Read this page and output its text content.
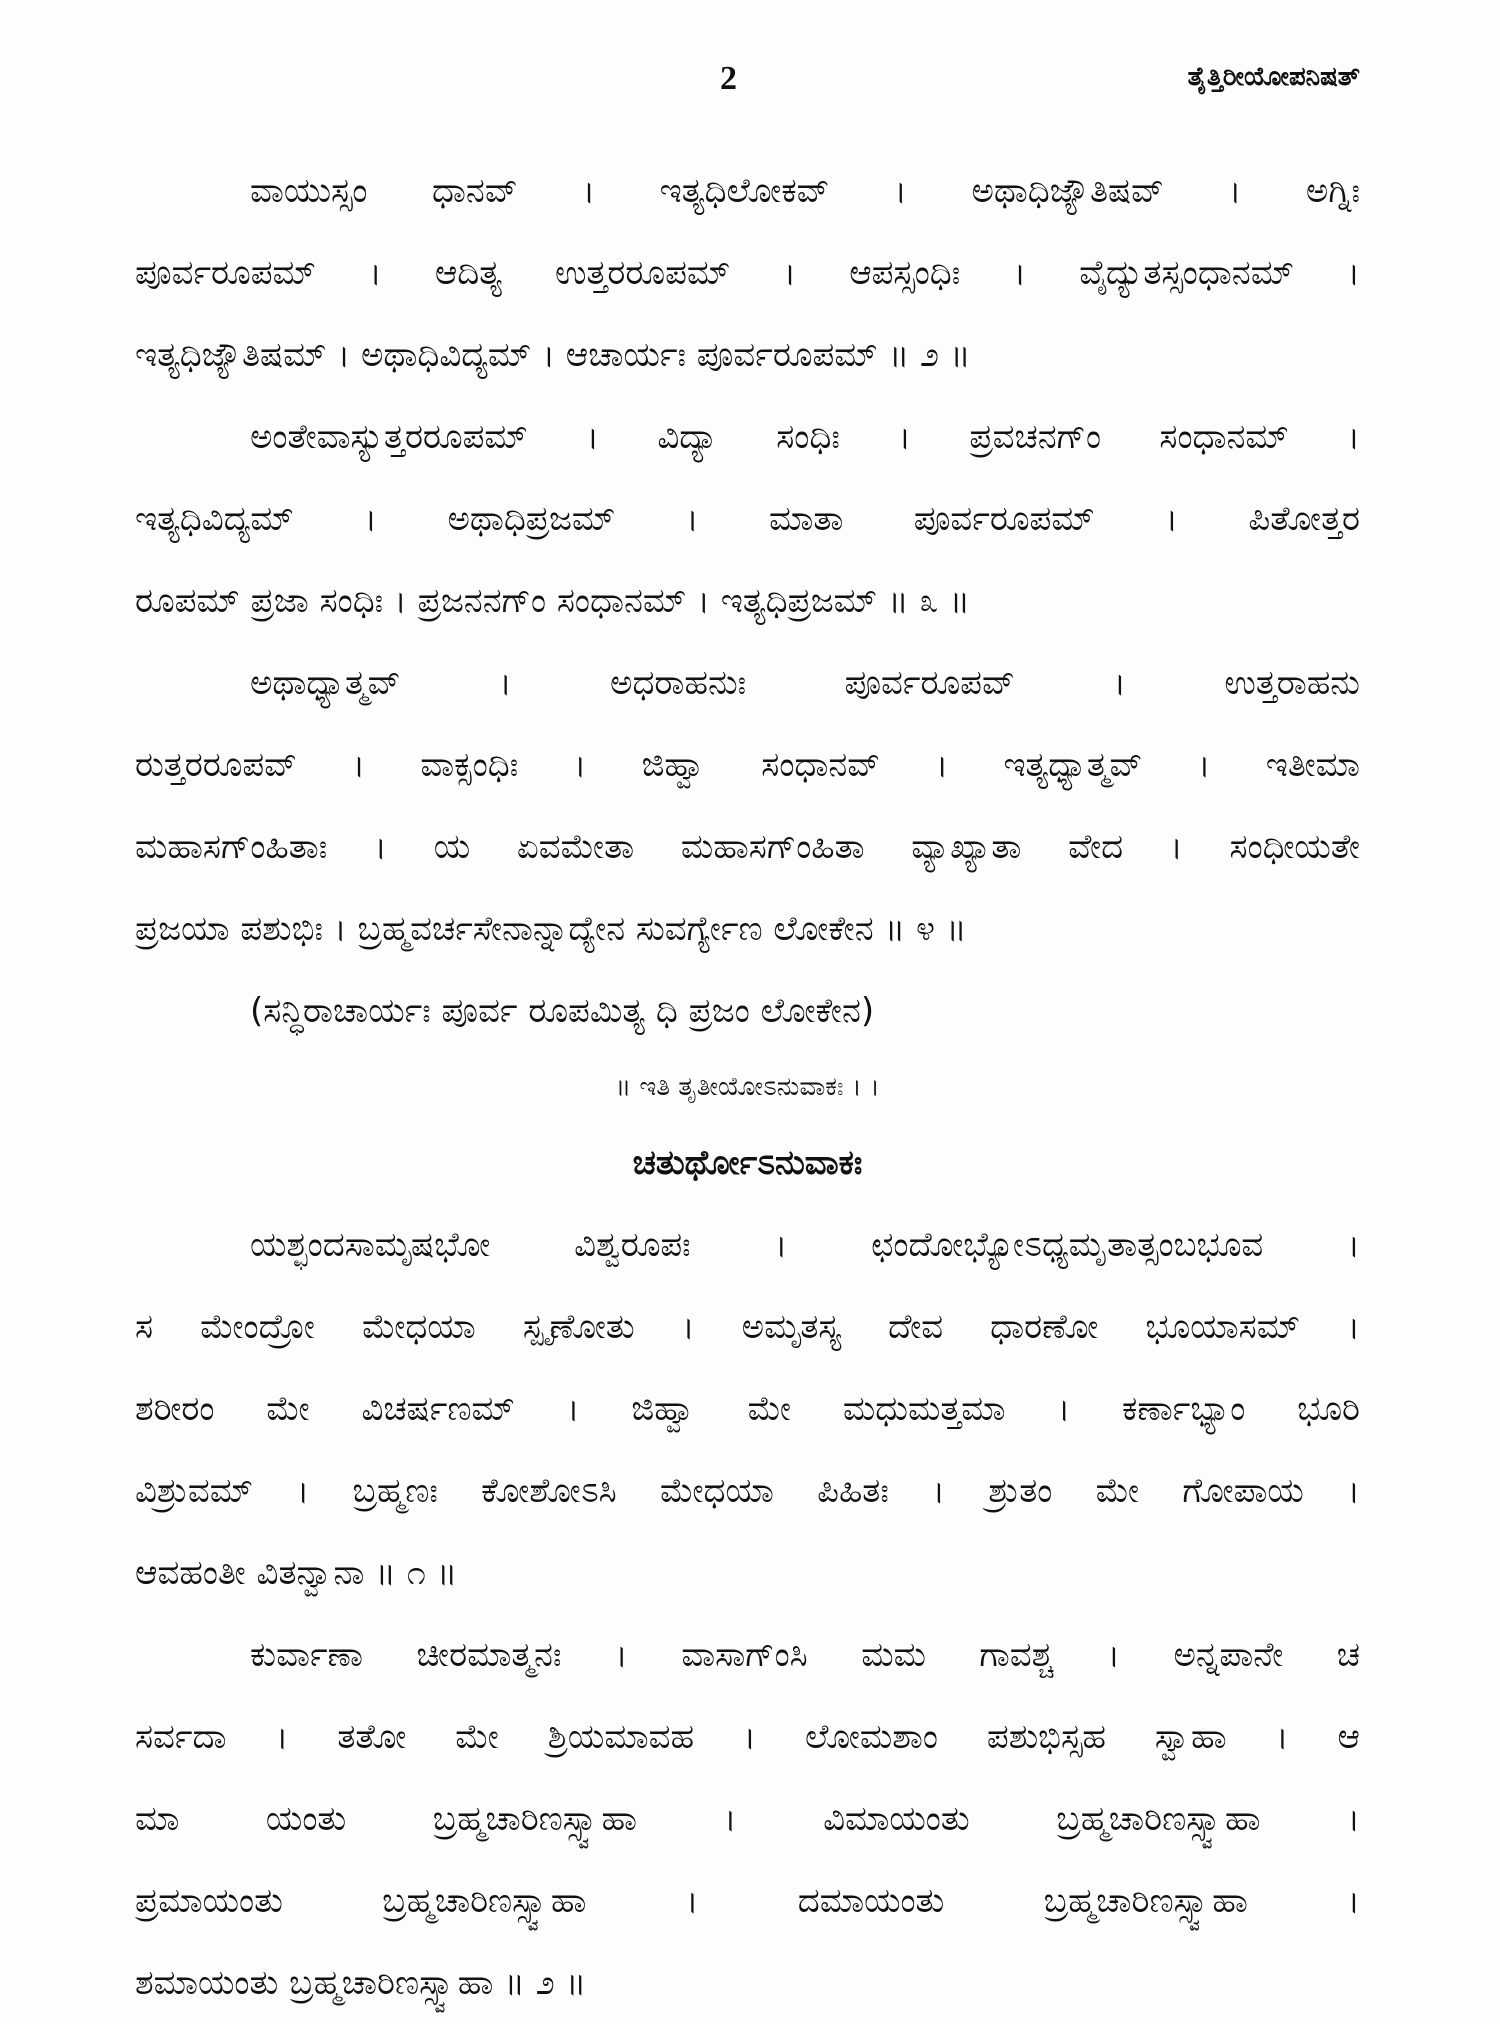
2	ತೈತ್ತಿರೀಯೋಪನಿಷತ್
ವಾಯುಸ್ಸಂ ಧಾನವ್ । ಇತ್ಯಧಿಲೋಕವ್ । ಅಥಾಧಿಜ್ಯೌತಿಷವ್ । ಅಗ್ನಿಃ
ಪೂರ್ವರೂಪಮ್ । ಆದಿತ್ಯ ಉತ್ತರರೂಪಮ್ । ಆಪಸ್ಸಂಧಿಃ । ವೈದ್ಯುತಸ್ಸಂಧಾನಮ್ ।
ಇತ್ಯಧಿಜ್ಯೌತಿಷಮ್ । ಅಥಾಧಿವಿದ್ಯಮ್ । ಆಚಾರ್ಯಃ ಪೂರ್ವರೂಪಮ್ ॥ ೨ ॥
ಅಂತೇವಾಸ್ಯುತ್ತರರೂಪಮ್ । ವಿದ್ಯಾ ಸಂಧಿಃ । ಪ್ರವಚನಗ್‌ಂ ಸಂಧಾನಮ್ ।
ಇತ್ಯಧಿವಿದ್ಯಮ್ । ಅಥಾಧಿಪ್ರಜಮ್ । ಮಾತಾ ಪೂರ್ವರೂಪಮ್ । ಪಿತೋತ್ತರ
ರೂಪಮ್ ಪ್ರಜಾ ಸಂಧಿಃ । ಪ್ರಜನನಗ್‌ಂ ಸಂಧಾನಮ್ । ಇತ್ಯಧಿಪ್ರಜಮ್ ॥ ೩ ॥
ಅಥಾಧ್ಯಾತ್ಮವ್ । ಅಧರಾಹನುಃ ಪೂರ್ವರೂಪವ್ । ಉತ್ತರಾಹನು
ರುತ್ತರರೂಪವ್ । ವಾಕ್ಸಂಧಿಃ । ಜಿಹ್ವಾ ಸಂಧಾನವ್ । ಇತ್ಯಧ್ಯಾತ್ಮವ್ । ಇತೀಮಾ
ಮಹಾಸಗ್‌ಂಹಿತಾಃ । ಯ ಏವಮೇತಾ ಮಹಾಸಗ್‌ಂಹಿತಾ ವ್ಯಾಖ್ಯಾತಾ ವೇದ । ಸಂಧೀಯತೇ
ಪ್ರಜಯಾ ಪಶುಭಿಃ । ಬ್ರಹ್ಮವರ್ಚಸೇನಾನ್ನಾದ್ಯೇನ ಸುವರ್ಗ್ಯೇಣ ಲೋಕೇನ ॥ ೪ ॥
(ಸನ್ಧಿರಾಚಾರ್ಯಃ ಪೂರ್ವ ರೂಪಮಿತ್ಯ ಧಿ ಪ್ರಜಂ ಲೋಕೇನ)
॥ ಇತಿ ತೃತೀಯೋಽನುವಾಕಃ । ।
ಚತುರ್ಥೋಽನುವಾಕಃ
ಯಶ್ಛಂದಸಾಮೃಷಭೋ ವಿಶ್ವರೂಪಃ । ಛಂದೋಭ್ಯೋಽಧ್ಯಮೃತಾತ್ಸಂಬಭೂವ ।
ಸ ಮೇಂದ್ರೋ ಮೇಧಯಾ ಸ್ಪೃಣೋತು । ಅಮೃತಸ್ಯ ದೇವ ಧಾರಣೋ ಭೂಯಾಸಮ್ ।
ಶರೀರಂ ಮೇ ವಿಚರ್ಷಣಮ್ । ಜಿಹ್ವಾ ಮೇ ಮಧುಮತ್ತಮಾ । ಕರ್ಣಾಭ್ಯಾಂ ಭೂರಿ
ವಿಶ್ರುವಮ್ । ಬ್ರಹ್ಮಣಃ ಕೋಶೋಽಸಿ ಮೇಧಯಾ ಪಿಹಿತಃ । ಶ್ರುತಂ ಮೇ ಗೋಪಾಯ ।
ಆವಹಂತೀ ವಿತನ್ವಾನಾ ॥ ೧ ॥
ಕುರ್ವಾಣಾ ಚೀರಮಾತ್ಮನಃ । ವಾಸಾಗ್‌ಂಸಿ ಮಮ ಗಾವಶ್ಚ । ಅನ್ನಪಾನೇ ಚ
ಸರ್ವದಾ । ತತೋ ಮೇ ಶ್ರಿಯಮಾವಹ । ಲೋಮಶಾಂ ಪಶುಭಿಸ್ಸಹ ಸ್ವಾಹಾ । ಆ
ಮಾ ಯಂತು ಬ್ರಹ್ಮಚಾರಿಣಸ್ಸ್ವಾಹಾ । ವಿಮಾಯಂತು ಬ್ರಹ್ಮಚಾರಿಣಸ್ಸ್ವಾಹಾ ।
ಪ್ರಮಾಯಂತು ಬ್ರಹ್ಮಚಾರಿಣಸ್ಸ್ವಾಹಾ । ದಮಾಯಂತು ಬ್ರಹ್ಮಚಾರಿಣಸ್ಸ್ವಾಹಾ ।
ಶಮಾಯಂತು ಬ್ರಹ್ಮಚಾರಿಣಸ್ಸ್ವಾಹಾ ॥ ೨ ॥
